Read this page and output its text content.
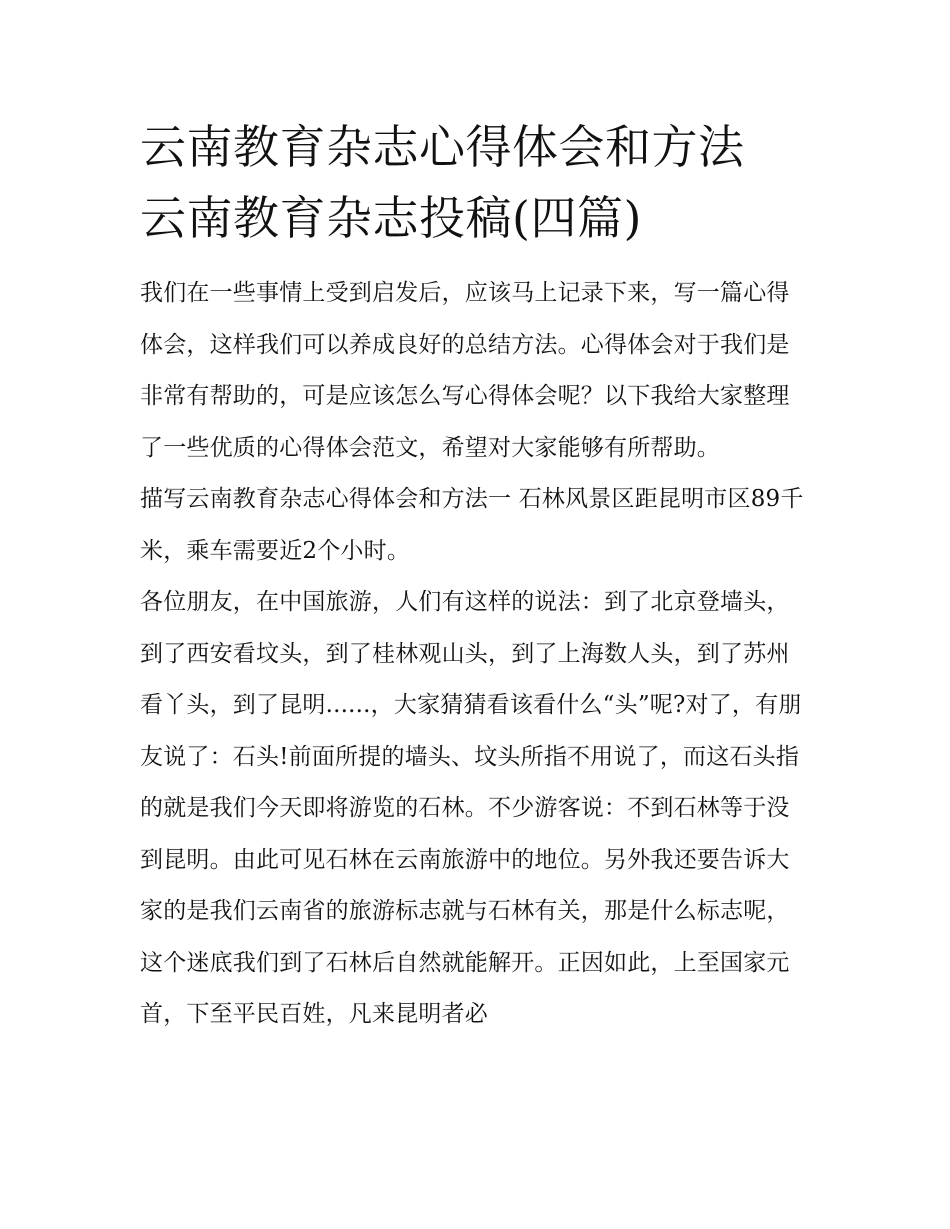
云南教育杂志心得体会和方法
云南教育杂志投稿(四篇)

我们在一些事情上受到启发后，应该马上记录下来，写一篇心得体会，这样我们可以养成良好的总结方法。心得体会对于我们是非常有帮助的，可是应该怎么写心得体会呢？以下我给大家整理了一些优质的心得体会范文，希望对大家能够有所帮助。

描写云南教育杂志心得体会和方法一 石林风景区距昆明市区89千米，乘车需要近2个小时。

各位朋友，在中国旅游，人们有这样的说法：到了北京登墙头，到了西安看坟头，到了桂林观山头，到了上海数人头，到了苏州看丫头，到了昆明......，大家猜猜看该看什么“头”呢?对了，有朋友说了：石头!前面所提的墙头、坟头所指不用说了，而这石头指的就是我们今天即将游览的石林。不少游客说：不到石林等于没到昆明。由此可见石林在云南旅游中的地位。另外我还要告诉大家的是我们云南省的旅游标志就与石林有关，那是什么标志呢，这个迷底我们到了石林后自然就能解开。正因如此，上至国家元首，下至平民百姓，凡来昆明者必
